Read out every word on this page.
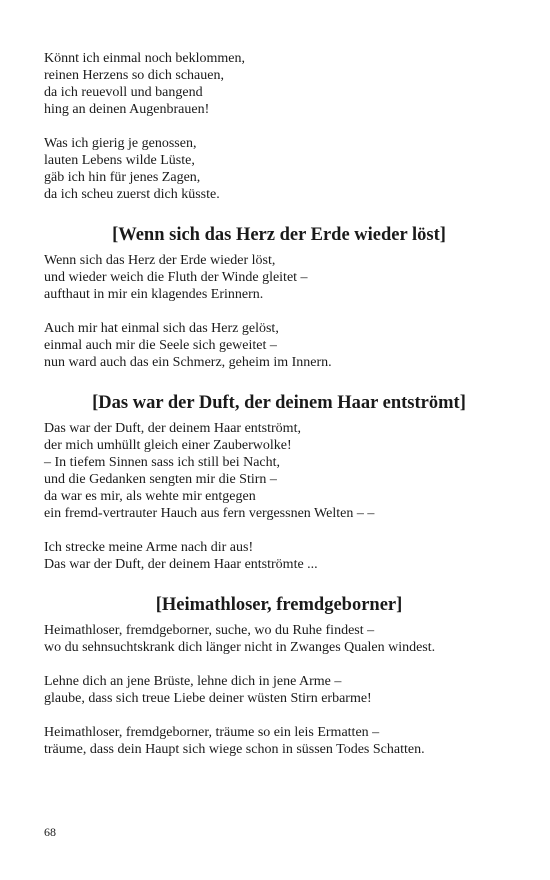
Könnt ich einmal noch beklommen,
reinen Herzens so dich schauen,
da ich reuevoll und bangend
hing an deinen Augenbrauen!
Was ich gierig je genossen,
lauten Lebens wilde Lüste,
gäb ich hin für jenes Zagen,
da ich scheu zuerst dich küsste.
[Wenn sich das Herz der Erde wieder löst]
Wenn sich das Herz der Erde wieder löst,
und wieder weich die Fluth der Winde gleitet –
aufthaut in mir ein klagendes Erinnern.
Auch mir hat einmal sich das Herz gelöst,
einmal auch mir die Seele sich geweitet –
nun ward auch das ein Schmerz, geheim im Innern.
[Das war der Duft, der deinem Haar entströmt]
Das war der Duft, der deinem Haar entströmt,
der mich umhüllt gleich einer Zauberwolke!
– In tiefem Sinnen sass ich still bei Nacht,
und die Gedanken sengten mir die Stirn –
da war es mir, als wehte mir entgegen
ein fremd-vertrauter Hauch aus fern vergessnen Welten – –
Ich strecke meine Arme nach dir aus!
Das war der Duft, der deinem Haar entströmte ...
[Heimathloser, fremdgeborner]
Heimathloser, fremdgeborner, suche, wo du Ruhe findest –
wo du sehnsuchtskrank dich länger nicht in Zwanges Qualen windest.
Lehne dich an jene Brüste, lehne dich in jene Arme –
glaube, dass sich treue Liebe deiner wüsten Stirn erbarme!
Heimathloser, fremdgeborner, träume so ein leis Ermatten –
träume, dass dein Haupt sich wiege schon in süssen Todes Schatten.
68
